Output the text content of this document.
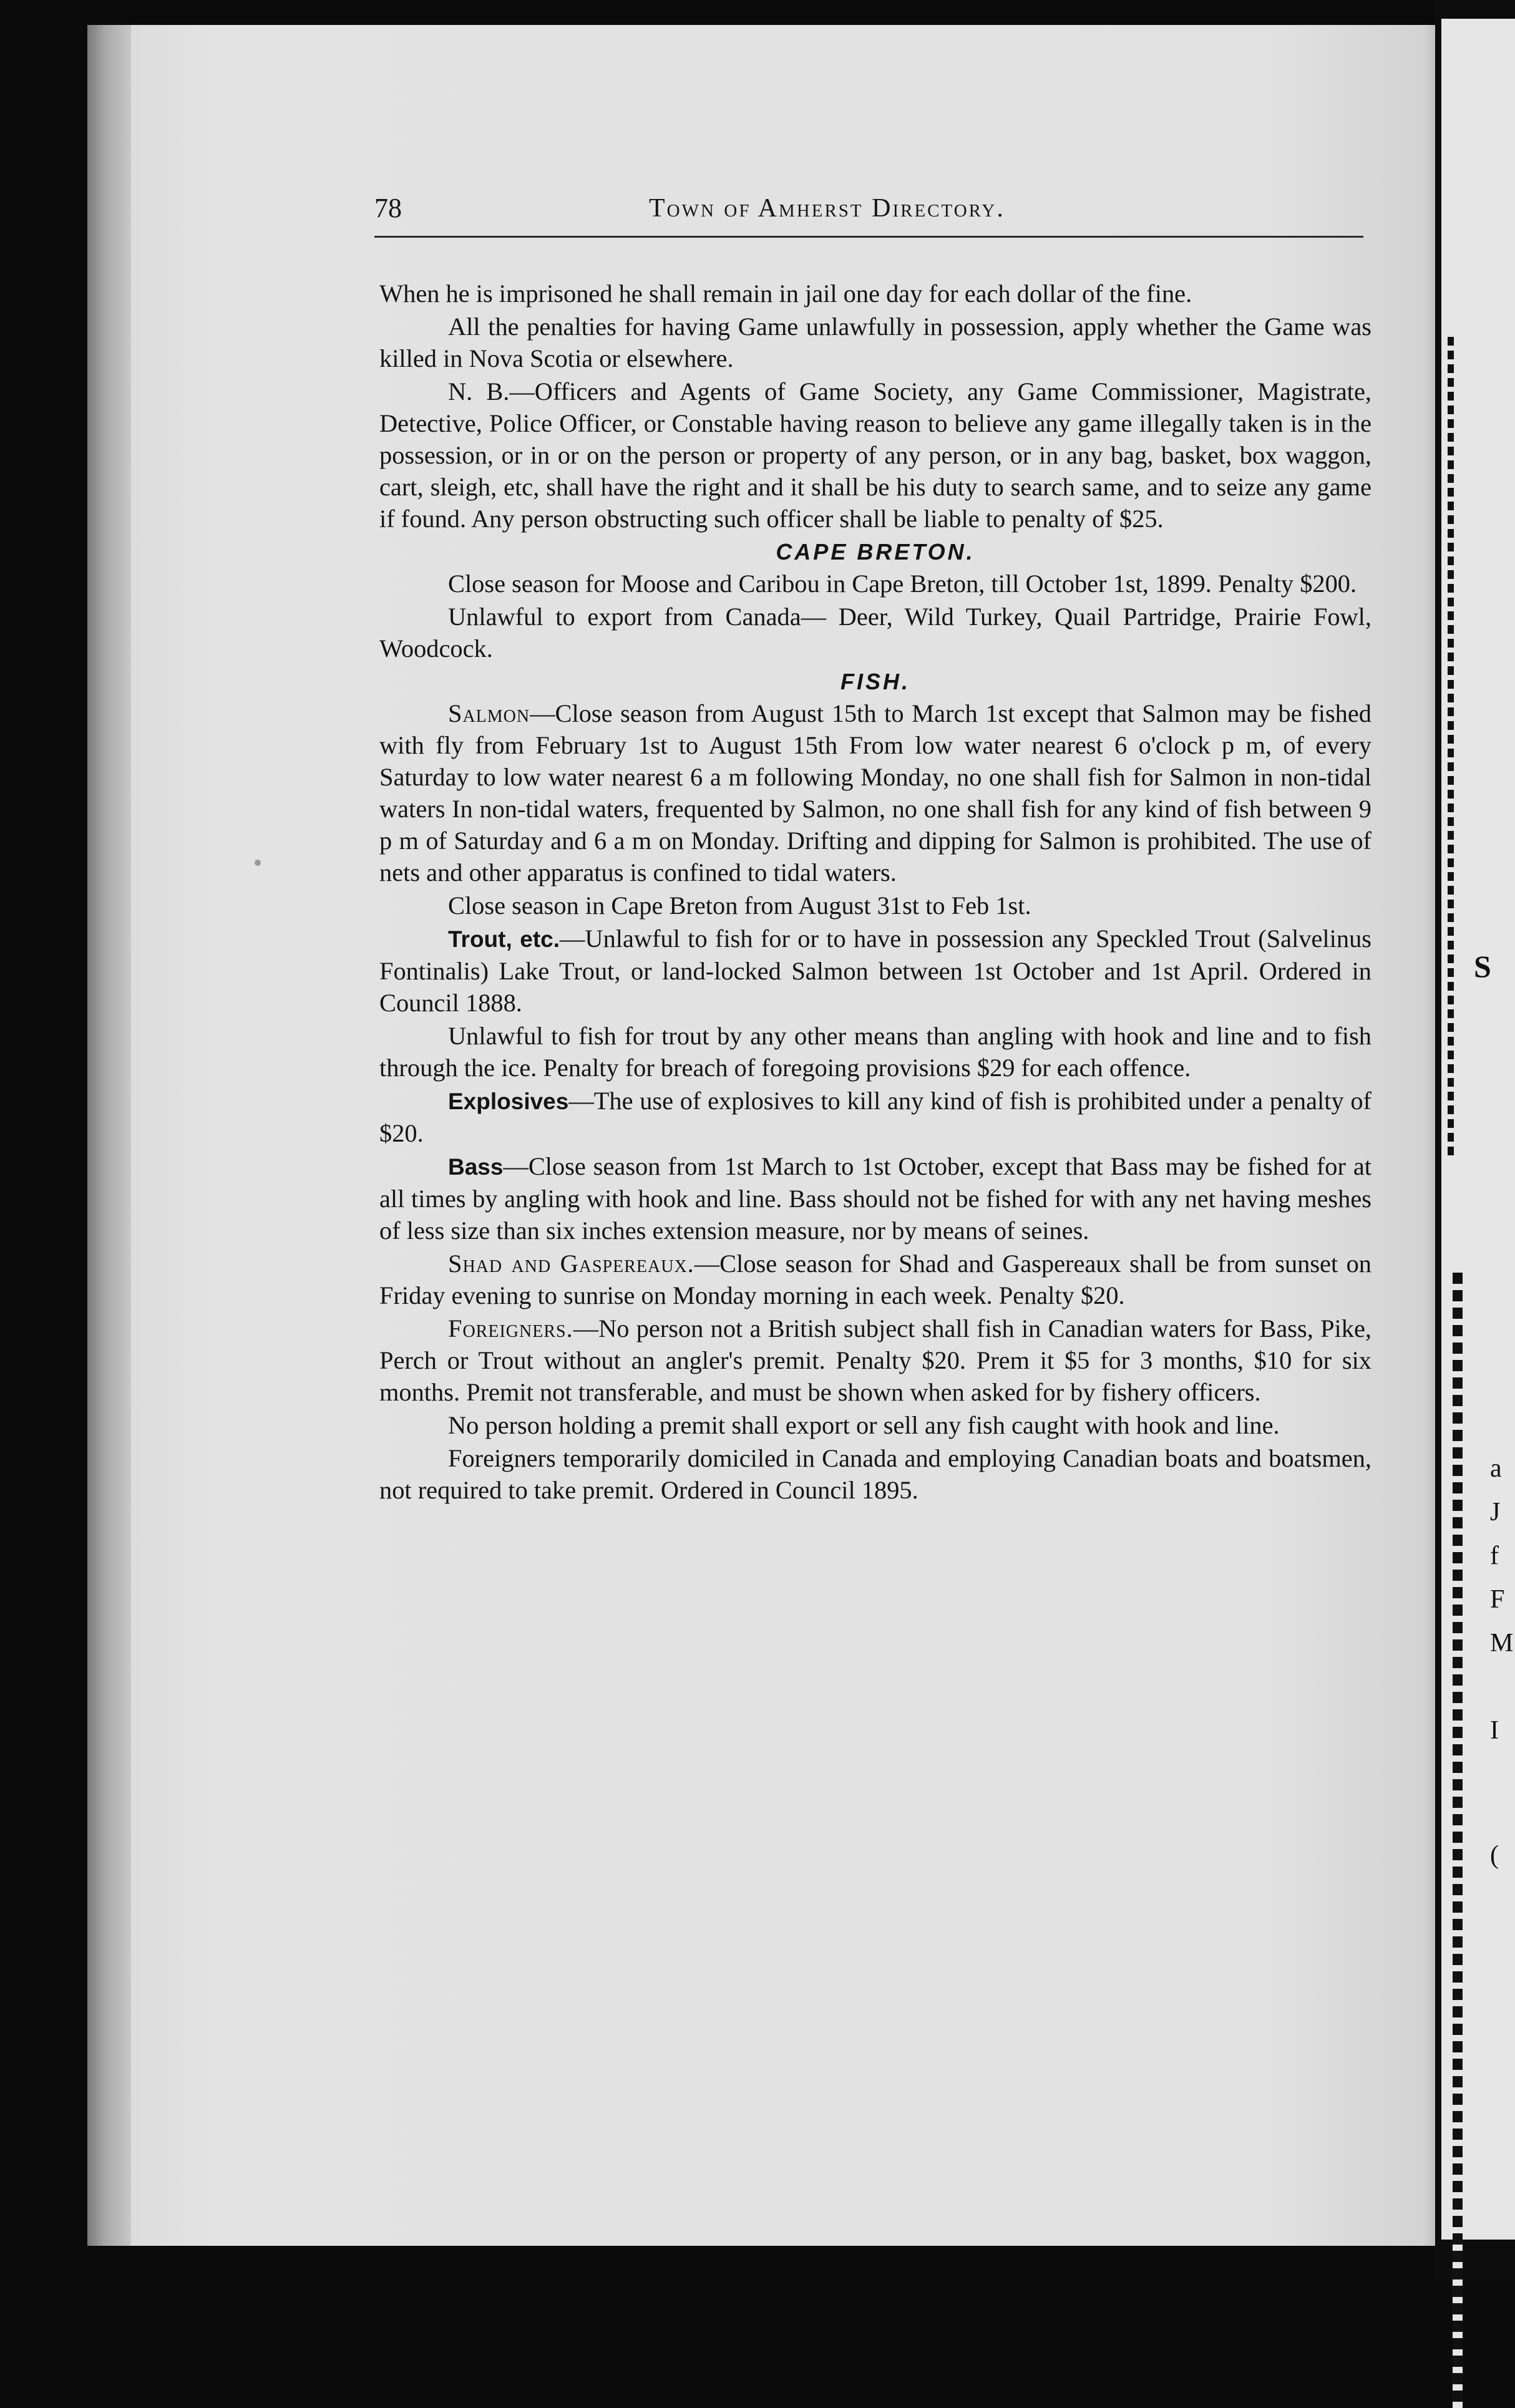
78	Town of Amherst Directory.

When he is imprisoned he shall remain in jail one day for each dollar of the fine.

All the penalties for having Game unlawfully in possession, apply whether the Game was killed in Nova Scotia or elsewhere.

N. B.—Officers and Agents of Game Society, any Game Commissioner, Magistrate, Detective, Police Officer, or Constable having reason to believe any game illegally taken is in the possession, or in or on the person or property of any person, or in any bag, basket, box waggon, cart, sleigh, etc, shall have the right and it shall be his duty to search same, and to seize any game if found. Any person obstructing such officer shall be liable to penalty of $25.

CAPE BRETON.

Close season for Moose and Caribou in Cape Breton, till October 1st, 1899. Penalty $200.

Unlawful to export from Canada— Deer, Wild Turkey, Quail Partridge, Prairie Fowl, Woodcock.

FISH.

Salmon—Close season from August 15th to March 1st except that Salmon may be fished with fly from February 1st to August 15th From low water nearest 6 o'clock p m, of every Saturday to low water nearest 6 a m following Monday, no one shall fish for Salmon in non-tidal waters In non-tidal waters, frequented by Salmon, no one shall fish for any kind of fish between 9 p m of Saturday and 6 a m on Monday. Drifting and dipping for Salmon is prohibited. The use of nets and other apparatus is confined to tidal waters.

Close season in Cape Breton from August 31st to Feb 1st.

Trout, etc.—Unlawful to fish for or to have in possession any Speckled Trout (Salvelinus Fontinalis) Lake Trout, or land-locked Salmon between 1st October and 1st April. Ordered in Council 1888.

Unlawful to fish for trout by any other means than angling with hook and line and to fish through the ice. Penalty for breach of foregoing provisions $29 for each offence.

Explosives—The use of explosives to kill any kind of fish is prohibited under a penalty of $20.

Bass—Close season from 1st March to 1st October, except that Bass may be fished for at all times by angling with hook and line. Bass should not be fished for with any net having meshes of less size than six inches extension measure, nor by means of seines.

Shad and Gaspereaux.—Close season for Shad and Gaspereaux shall be from sunset on Friday evening to sunrise on Monday morning in each week. Penalty $20.

Foreigners.—No person not a British subject shall fish in Canadian waters for Bass, Pike, Perch or Trout without an angler's premit. Penalty $20. Prem it $5 for 3 months, $10 for six months. Premit not transferable, and must be shown when asked for by fishery officers.

No person holding a premit shall export or sell any fish caught with hook and line.

Foreigners temporarily domiciled in Canada and employing Canadian boats and boatsmen, not required to take premit. Ordered in Council 1895.

S
a
J
f
F
M
I
(
